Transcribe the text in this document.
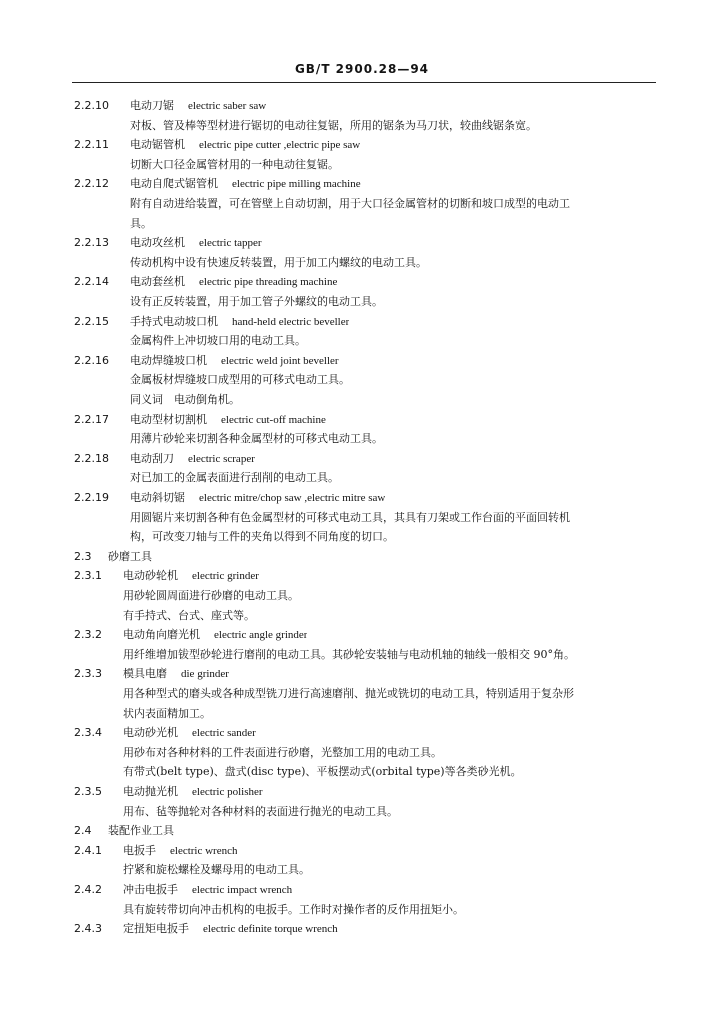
GB/T 2900.28—94
2.2.10 电动刀锯 electric saber saw
对板、管及棒等型材进行锯切的电动往复锯，所用的锯条为马刀状，较曲线锯条宽。
2.2.11 电动锯管机 electric pipe cutter ,electric pipe saw
切断大口径金属管材用的一种电动往复锯。
2.2.12 电动自爬式锯管机 electric pipe milling machine
附有自动进给装置，可在管壁上自动切割，用于大口径金属管材的切断和坡口成型的电动工
具。
2.2.13 电动攻丝机 electric tapper
传动机构中设有快速反转装置，用于加工内螺纹的电动工具。
2.2.14 电动套丝机 electric pipe threading machine
设有正反转装置，用于加工管子外螺纹的电动工具。
2.2.15 手持式电动坡口机 hand-held electric beveller
金属构件上冲切坡口用的电动工具。
2.2.16 电动焊缝坡口机 electric weld joint beveller
金属板材焊缝坡口成型用的可移式电动工具。
同义词　电动倒角机。
2.2.17 电动型材切割机 electric cut-off machine
用薄片砂轮来切割各种金属型材的可移式电动工具。
2.2.18 电动刮刀 electric scraper
对已加工的金属表面进行刮削的电动工具。
2.2.19 电动斜切锯 electric mitre/chop saw ,electric mitre saw
用圆锯片来切割各种有色金属型材的可移式电动工具，其具有刀架或工作台面的平面回转机
构，可改变刀轴与工件的夹角以得到不同角度的切口。
2.3 砂磨工具
2.3.1 电动砂轮机 electric grinder
用砂轮圆周面进行砂磨的电动工具。
有手持式、台式、座式等。
2.3.2 电动角向磨光机 electric angle grinder
用纤维增加钹型砂轮进行磨削的电动工具。其砂轮安装轴与电动机轴的轴线一般相交 90°角。
2.3.3 模具电磨 die grinder
用各种型式的磨头或各种成型铣刀进行高速磨削、抛光或铣切的电动工具，特别适用于复杂形
状内表面精加工。
2.3.4 电动砂光机 electric sander
用砂布对各种材料的工件表面进行砂磨，光整加工用的电动工具。
有带式(belt type)、盘式(disc type)、平板摆动式(orbital type)等各类砂光机。
2.3.5 电动抛光机 electric polisher
用布、毡等抛轮对各种材料的表面进行抛光的电动工具。
2.4 装配作业工具
2.4.1 电扳手 electric wrench
拧紧和旋松螺栓及螺母用的电动工具。
2.4.2 冲击电扳手 electric impact wrench
具有旋转带切向冲击机构的电扳手。工作时对操作者的反作用扭矩小。
2.4.3 定扭矩电扳手 electric definite torque wrench
